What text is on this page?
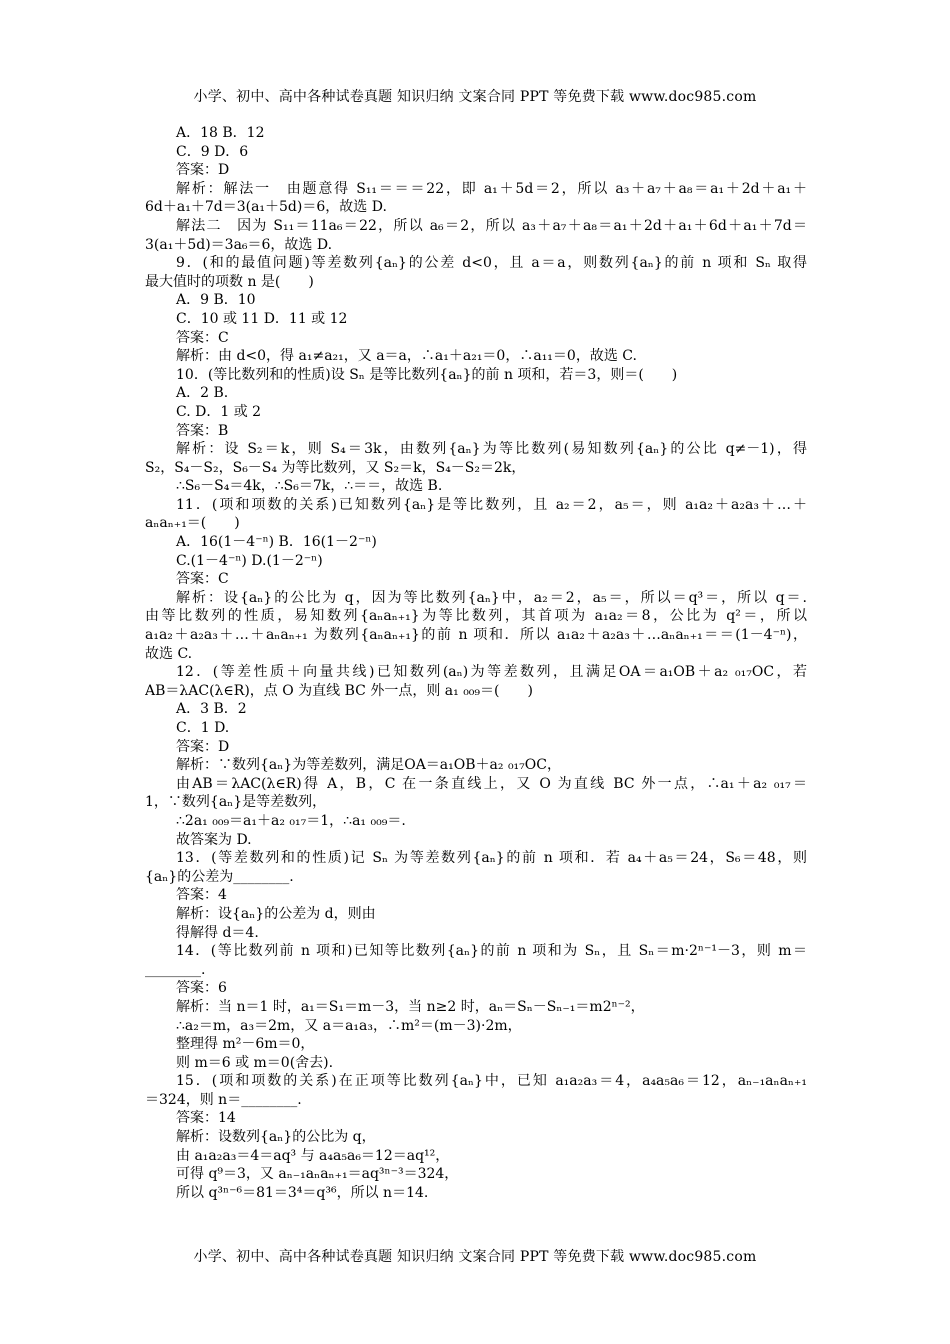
小学、初中、高中各种试卷真题 知识归纳 文案合同 PPT 等免费下载 www.doc985.com
A．18 B．12
C．9 D．6
答案：D
解析：解法一　由题意得 S₁₁＝＝＝22，即 a₁＋5d＝2，所以 a₃＋a₇＋a₈＝a₁＋2d＋a₁＋
6d＋a₁＋7d＝3(a₁＋5d)＝6，故选 D.
解法二　因为 S₁₁＝11a₆＝22，所以 a₆＝2，所以 a₃＋a₇＋a₈＝a₁＋2d＋a₁＋6d＋a₁＋7d＝
3(a₁＋5d)＝3a₆＝6，故选 D.
9．(和的最值问题)等差数列{aₙ}的公差 d<0，且 a＝a，则数列{aₙ}的前 n 项和 Sₙ 取得
最大值时的项数 n 是(　　)
A．9 B．10
C．10 或 11 D．11 或 12
答案：C
解析：由 d<0，得 a₁≠a₂₁，又 a＝a，∴a₁＋a₂₁＝0，∴a₁₁＝0，故选 C.
10．(等比数列和的性质)设 Sₙ 是等比数列{aₙ}的前 n 项和，若＝3，则＝(　　)
A．2 B.
C. D．1 或 2
答案：B
解析：设 S₂＝k，则 S₄＝3k，由数列{aₙ}为等比数列(易知数列{aₙ}的公比 q≠－1)，得
S₂，S₄－S₂，S₆－S₄ 为等比数列，又 S₂＝k，S₄－S₂＝2k，
∴S₆－S₄＝4k，∴S₆＝7k，∴＝＝，故选 B.
11．(项和项数的关系)已知数列{aₙ}是等比数列，且 a₂＝2，a₅＝，则 a₁a₂＋a₂a₃＋…＋
aₙaₙ₊₁＝(　　)
A．16(1－4⁻ⁿ) B．16(1－2⁻ⁿ)
C.(1－4⁻ⁿ) D.(1－2⁻ⁿ)
答案：C
解析：设{aₙ}的公比为 q，因为等比数列{aₙ}中，a₂＝2，a₅＝，所以＝q³＝，所以 q＝.
由等比数列的性质，易知数列{aₙaₙ₊₁}为等比数列，其首项为 a₁a₂＝8，公比为 q²＝，所以
a₁a₂＋a₂a₃＋…＋aₙaₙ₊₁ 为数列{aₙaₙ₊₁}的前 n 项和．所以 a₁a₂＋a₂a₃＋…aₙaₙ₊₁＝＝(1－4⁻ⁿ)，
故选 C.
12．(等差性质＋向量共线)已知数列(aₙ)为等差数列，且满足OA＝a₁OB＋a₂ ₀₁₇OC，若
AB＝λAC(λ∈R)，点 O 为直线 BC 外一点，则 a₁ ₀₀₉＝(　　)
A．3 B．2
C．1 D.
答案：D
解析：∵数列{aₙ}为等差数列，满足OA＝a₁OB＋a₂ ₀₁₇OC，
由AB＝λAC(λ∈R)得 A，B，C 在一条直线上，又 O 为直线 BC 外一点，∴a₁＋a₂ ₀₁₇＝
1，∵数列{aₙ}是等差数列，
∴2a₁ ₀₀₉＝a₁＋a₂ ₀₁₇＝1，∴a₁ ₀₀₉＝.
故答案为 D.
13．(等差数列和的性质)记 Sₙ 为等差数列{aₙ}的前 n 项和．若 a₄＋a₅＝24，S₆＝48，则
{aₙ}的公差为________.
答案：4
解析：设{aₙ}的公差为 d，则由
得解得 d＝4.
14．(等比数列前 n 项和)已知等比数列{aₙ}的前 n 项和为 Sₙ，且 Sₙ＝m·2ⁿ⁻¹－3，则 m＝
________.
答案：6
解析：当 n＝1 时，a₁＝S₁＝m－3，当 n≥2 时，aₙ＝Sₙ－Sₙ₋₁＝m2ⁿ⁻²，
∴a₂＝m，a₃＝2m，又 a＝a₁a₃，∴m²＝(m－3)·2m，
整理得 m²－6m＝0，
则 m＝6 或 m＝0(舍去).
15．(项和项数的关系)在正项等比数列{aₙ}中，已知 a₁a₂a₃＝4，a₄a₅a₆＝12，aₙ₋₁aₙaₙ₊₁
＝324，则 n＝________.
答案：14
解析：设数列{aₙ}的公比为 q，
由 a₁a₂a₃＝4＝aq³ 与 a₄a₅a₆＝12＝aq¹²，
可得 q⁹＝3，又 aₙ₋₁aₙaₙ₊₁＝aq³ⁿ⁻³＝324，
所以 q³ⁿ⁻⁶＝81＝3⁴＝q³⁶，所以 n＝14.
小学、初中、高中各种试卷真题 知识归纳 文案合同 PPT 等免费下载 www.doc985.com
